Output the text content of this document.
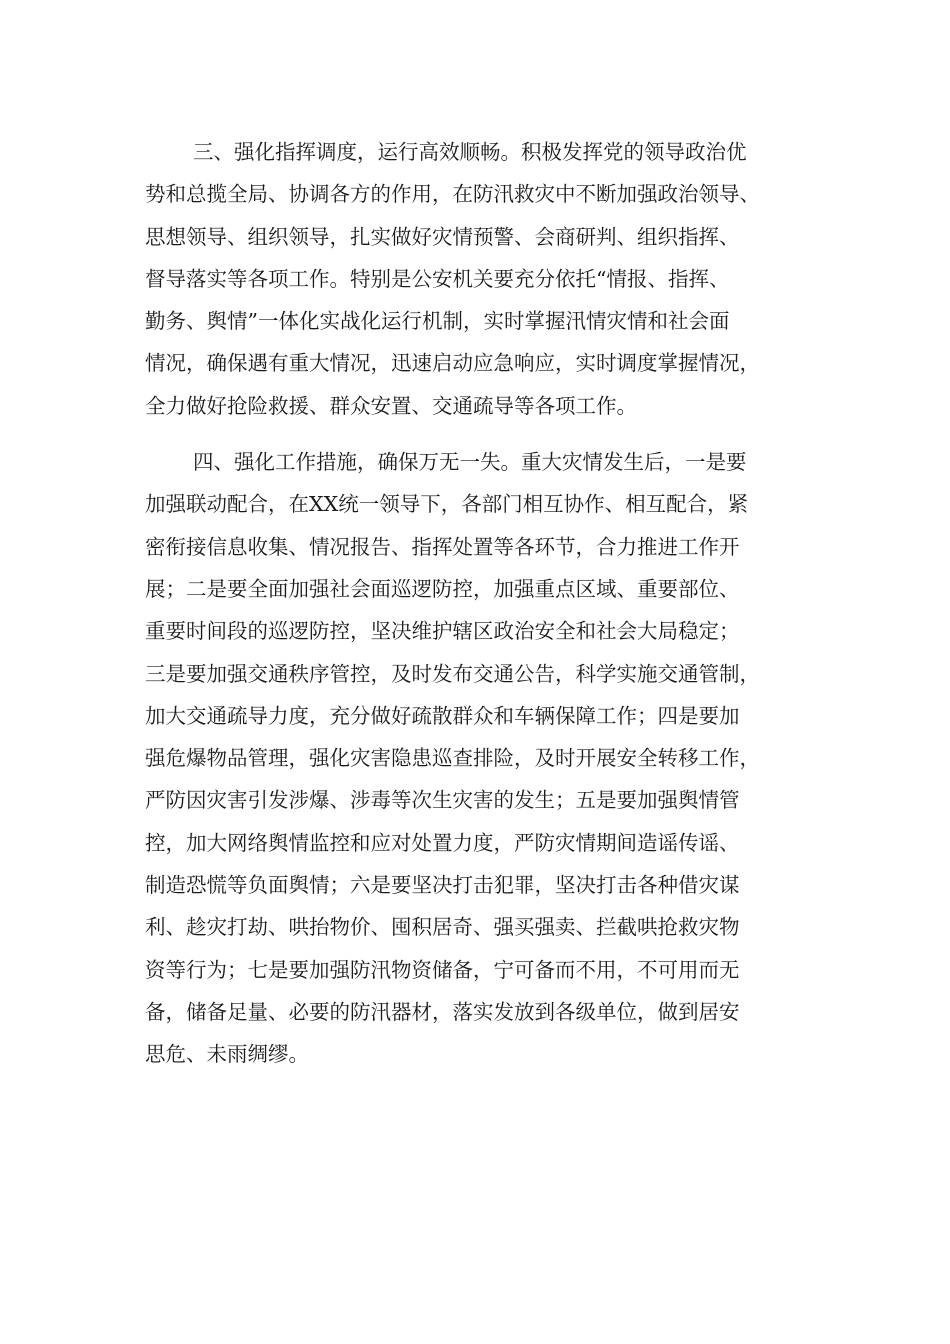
三、强化指挥调度，运行高效顺畅。积极发挥党的领导政治优
势和总揽全局、协调各方的作用，在防汛救灾中不断加强政治领导、
思想领导、组织领导，扎实做好灾情预警、会商研判、组织指挥、
督导落实等各项工作。特别是公安机关要充分依托“情报、指挥、
勤务、舆情”一体化实战化运行机制，实时掌握汛情灾情和社会面
情况，确保遇有重大情况，迅速启动应急响应，实时调度掌握情况，
全力做好抢险救援、群众安置、交通疏导等各项工作。
四、强化工作措施，确保万无一失。重大灾情发生后，一是要
加强联动配合，在XX统一领导下，各部门相互协作、相互配合，紧
密衔接信息收集、情况报告、指挥处置等各环节，合力推进工作开
展；二是要全面加强社会面巡逻防控，加强重点区域、重要部位、
重要时间段的巡逻防控，坚决维护辖区政治安全和社会大局稳定；
三是要加强交通秩序管控，及时发布交通公告，科学实施交通管制，
加大交通疏导力度，充分做好疏散群众和车辆保障工作；四是要加
强危爆物品管理，强化灾害隐患巡查排险，及时开展安全转移工作，
严防因灾害引发涉爆、涉毒等次生灾害的发生；五是要加强舆情管
控，加大网络舆情监控和应对处置力度，严防灾情期间造谣传谣、
制造恐慌等负面舆情；六是要坚决打击犯罪，坚决打击各种借灾谋
利、趁灾打劫、哄抬物价、囤积居奇、强买强卖、拦截哄抢救灾物
资等行为；七是要加强防汛物资储备，宁可备而不用，不可用而无
备，储备足量、必要的防汛器材，落实发放到各级单位，做到居安
思危、未雨绸缪。
